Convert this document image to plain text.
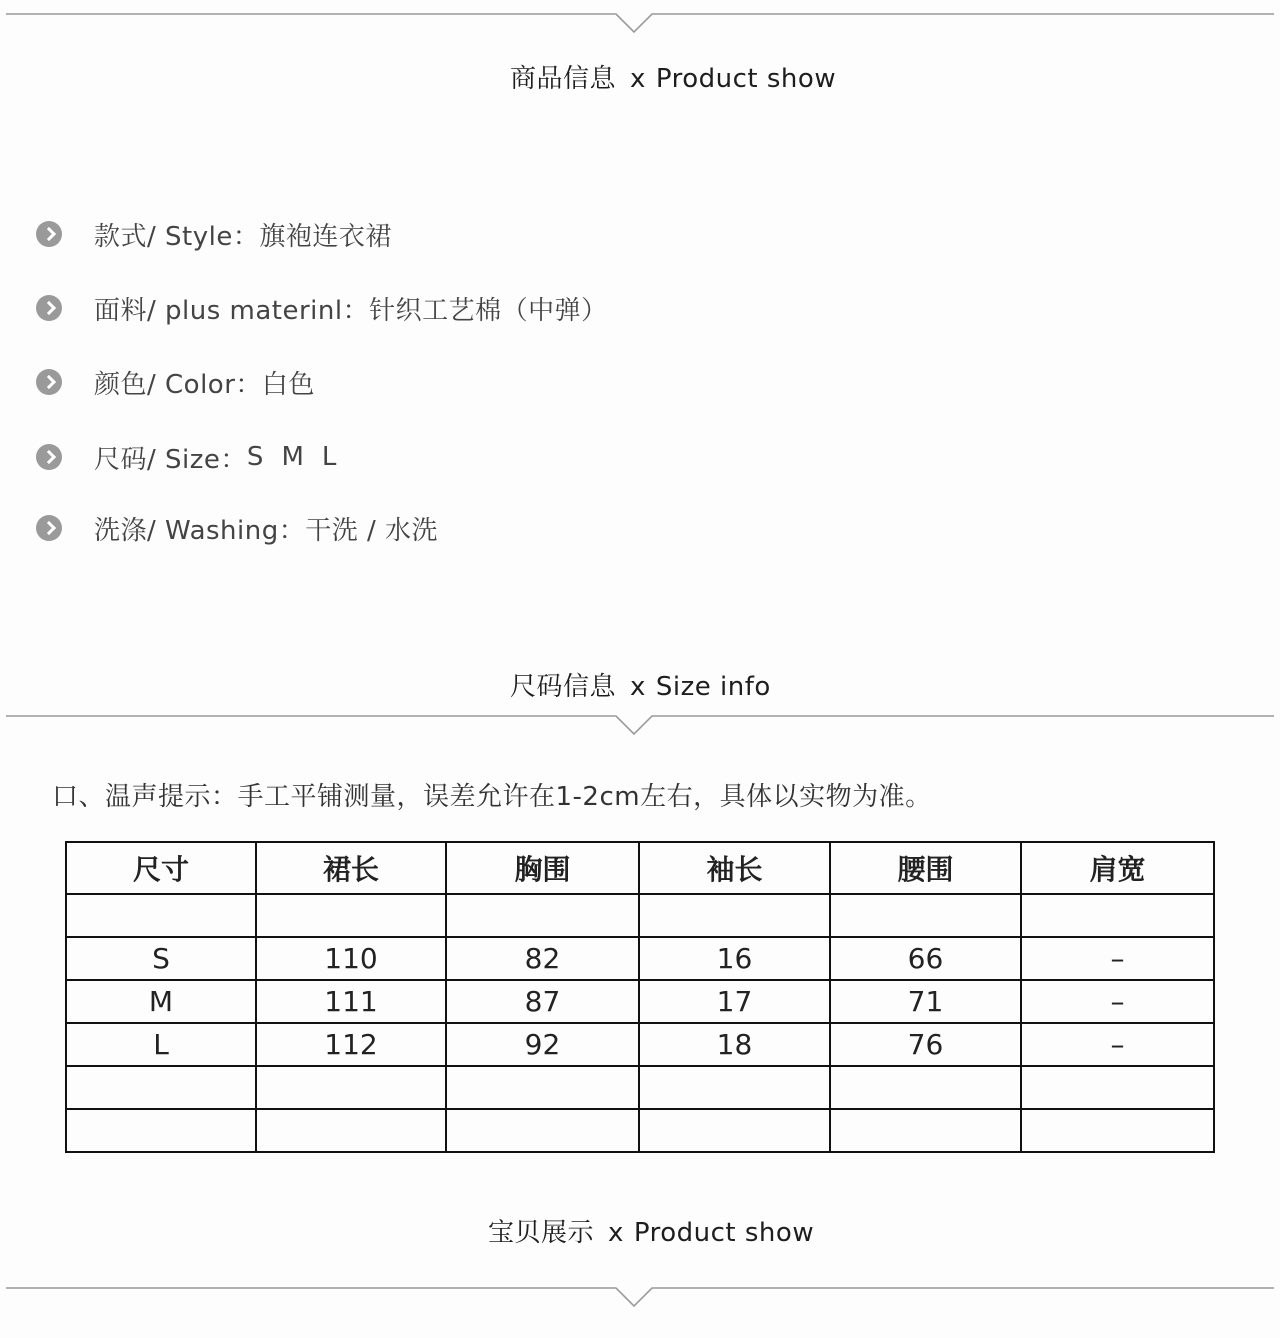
商品信息 x Product show
款式/ Style： 旗袍连衣裙
面料/ plus materinl： 针织工艺棉（中弹）
颜色/ Color： 白色
尺码/ Size： S  M  L
洗涤/ Washing： 干洗 / 水洗
尺码信息 x Size info
口、温声提示：手工平铺测量，误差允许在1-2cm左右，具体以实物为准。
尺寸	裙长	胸围	袖长	腰围	肩宽

S	110	82	16	66	–
M	111	87	17	71	–
L	112	92	18	76	–

宝贝展示 x Product show
